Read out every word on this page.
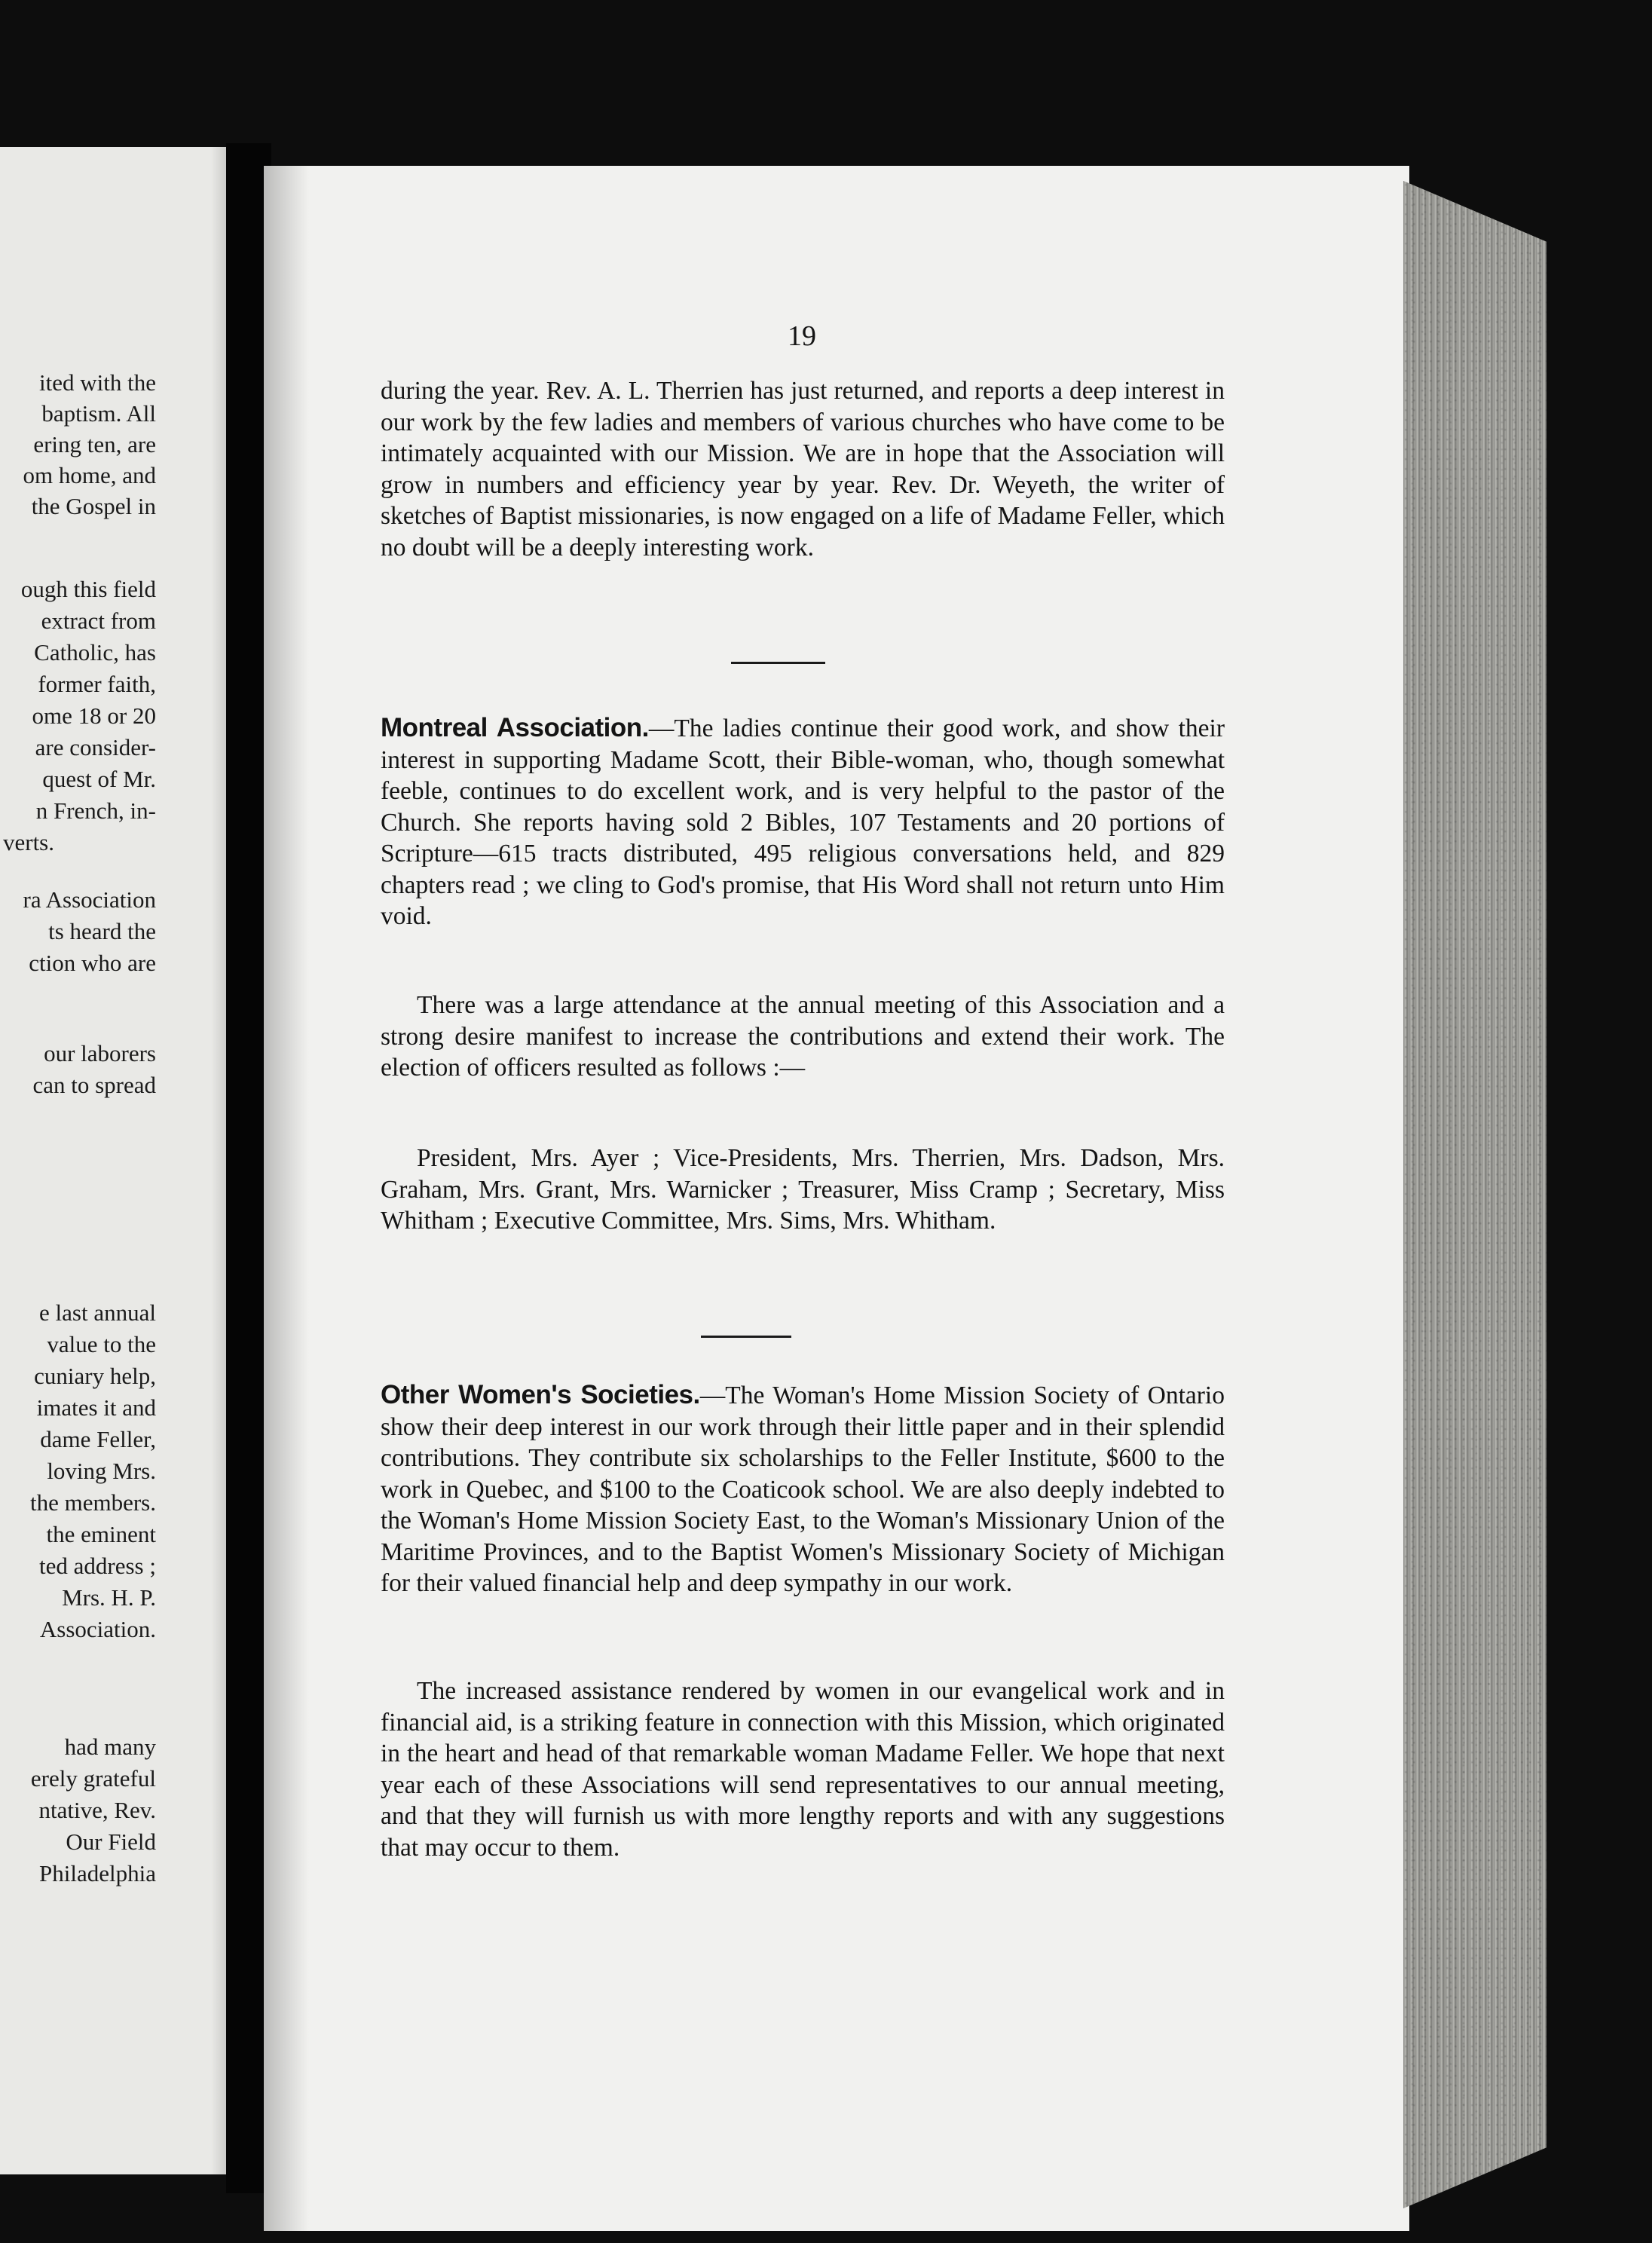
ited with the
baptism. All
ering ten, are
om home, and
the Gospel in
ough this field
extract from
Catholic, has
former faith,
ome 18 or 20
are consider-
quest of Mr.
n French, in-
verts.
ra Association
ts heard the
ction who are
our laborers
can to spread
e last annual
value to the
cuniary help,
imates it and
dame Feller,
loving Mrs.
the members.
the eminent
ted address ;
Mrs. H. P.
Association.
had many
erely grateful
ntative, Rev.
Our Field
Philadelphia
19

during the year. Rev. A. L. Therrien has just returned, and reports a deep interest in our work by the few ladies and members of various churches who have come to be intimately acquainted with our Mission. We are in hope that the Association will grow in numbers and efficiency year by year. Rev. Dr. Weyeth, the writer of sketches of Baptist missionaries, is now engaged on a life of Madame Feller, which no doubt will be a deeply interesting work.

Montreal Association.—The ladies continue their good work, and show their interest in supporting Madame Scott, their Bible-woman, who, though somewhat feeble, continues to do excellent work, and is very helpful to the pastor of the Church. She reports having sold 2 Bibles, 107 Testaments and 20 portions of Scripture—615 tracts distributed, 495 religious conversations held, and 829 chapters read ; we cling to God's promise, that His Word shall not return unto Him void.

There was a large attendance at the annual meeting of this Association and a strong desire manifest to increase the contributions and extend their work. The election of officers resulted as follows :—

President, Mrs. Ayer ; Vice-Presidents, Mrs. Therrien, Mrs. Dadson, Mrs. Graham, Mrs. Grant, Mrs. Warnicker ; Treasurer, Miss Cramp ; Secretary, Miss Whitham ; Executive Committee, Mrs. Sims, Mrs. Whitham.

Other Women's Societies.—The Woman's Home Mission Society of Ontario show their deep interest in our work through their little paper and in their splendid contributions. They contribute six scholarships to the Feller Institute, $600 to the work in Quebec, and $100 to the Coaticook school. We are also deeply indebted to the Woman's Home Mission Society East, to the Woman's Missionary Union of the Maritime Provinces, and to the Baptist Women's Missionary Society of Michigan for their valued financial help and deep sympathy in our work.

The increased assistance rendered by women in our evangelical work and in financial aid, is a striking feature in connection with this Mission, which originated in the heart and head of that remarkable woman Madame Feller. We hope that next year each of these Associations will send representatives to our annual meeting, and that they will furnish us with more lengthy reports and with any suggestions that may occur to them.
